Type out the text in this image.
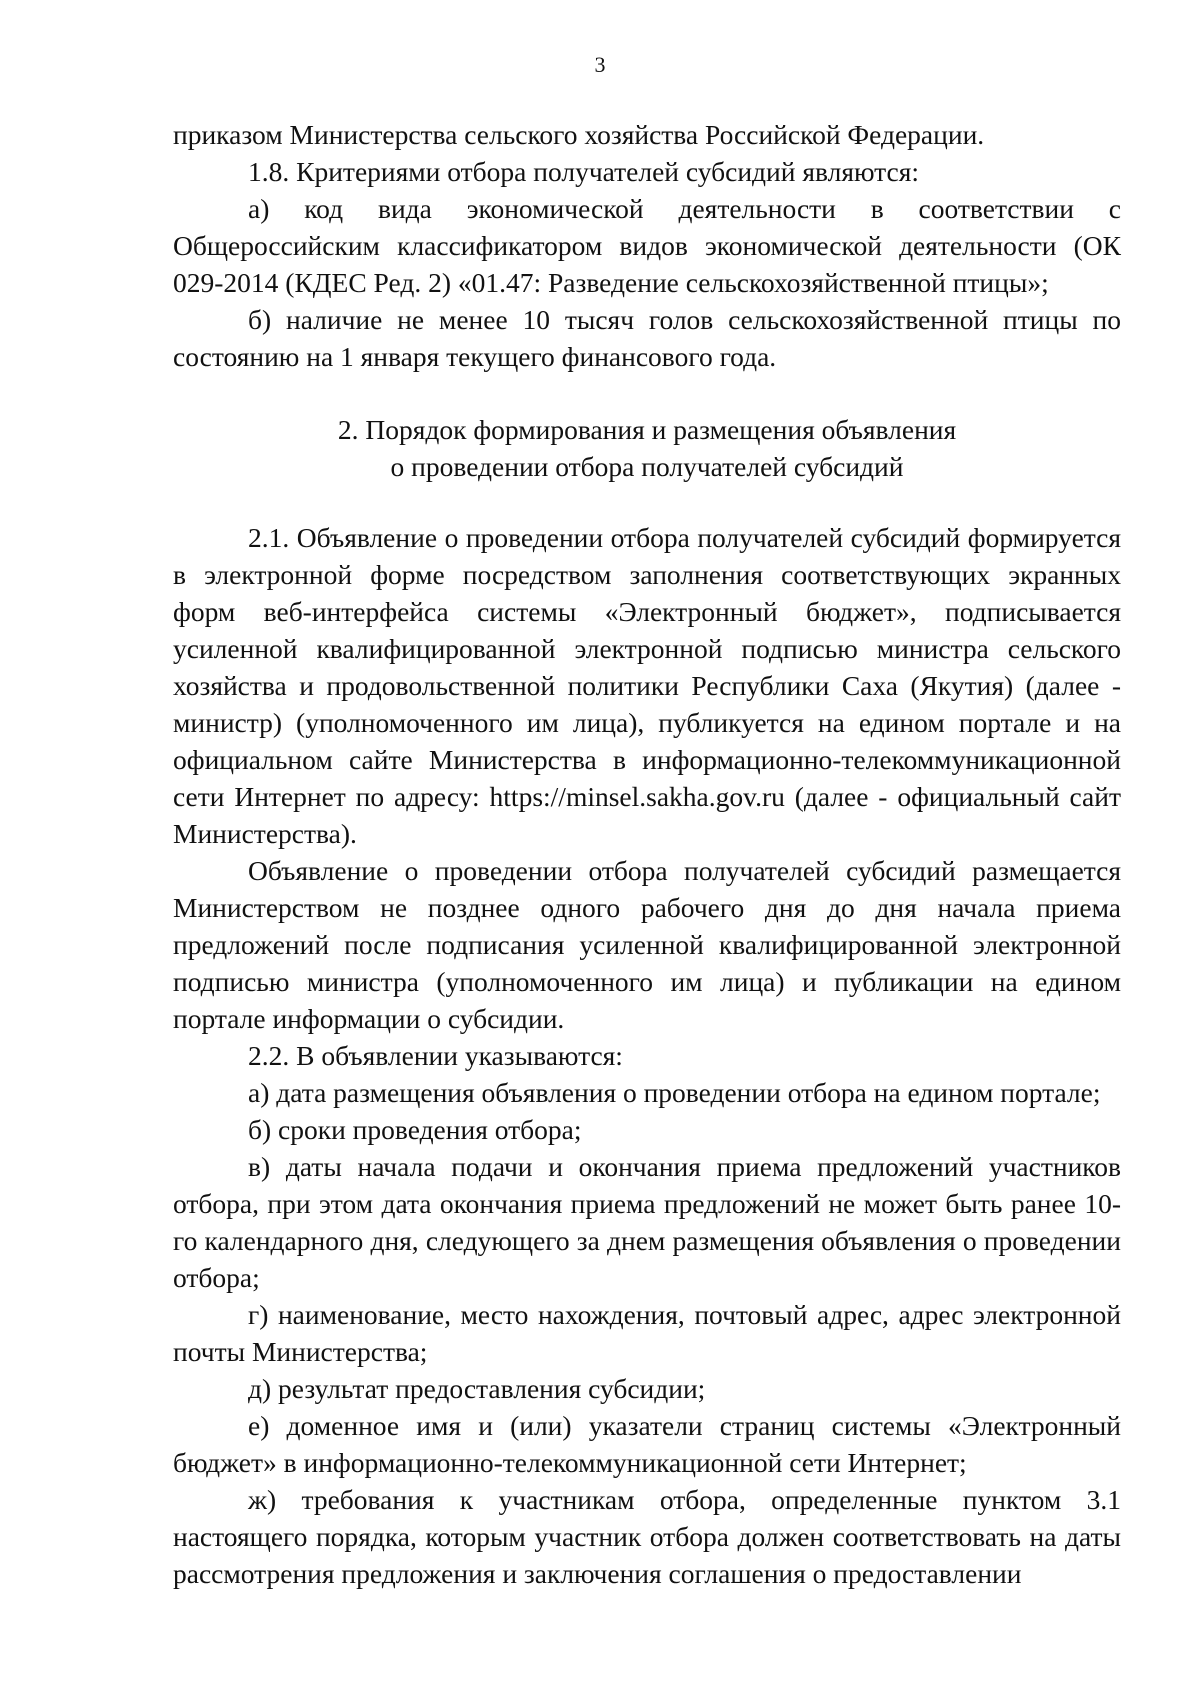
3

приказом Министерства сельского хозяйства Российской Федерации.

1.8. Критериями отбора получателей субсидий являются:

а) код вида экономической деятельности в соответствии с Общероссийским классификатором видов экономической деятельности (ОК 029-2014 (КДЕС Ред. 2) «01.47: Разведение сельскохозяйственной птицы»;

б) наличие не менее 10 тысяч голов сельскохозяйственной птицы по состоянию на 1 января текущего финансового года.

2. Порядок формирования и размещения объявления
о проведении отбора получателей субсидий

2.1. Объявление о проведении отбора получателей субсидий формируется в электронной форме посредством заполнения соответствующих экранных форм веб-интерфейса системы «Электронный бюджет», подписывается усиленной квалифицированной электронной подписью министра сельского хозяйства и продовольственной политики Республики Саха (Якутия) (далее - министр) (уполномоченного им лица), публикуется на едином портале и на официальном сайте Министерства в информационно-телекоммуникационной сети Интернет по адресу: https://minsel.sakha.gov.ru (далее - официальный сайт Министерства).

Объявление о проведении отбора получателей субсидий размещается Министерством не позднее одного рабочего дня до дня начала приема предложений после подписания усиленной квалифицированной электронной подписью министра (уполномоченного им лица) и публикации на едином портале информации о субсидии.

2.2. В объявлении указываются:

а) дата размещения объявления о проведении отбора на едином портале;

б) сроки проведения отбора;

в) даты начала подачи и окончания приема предложений участников отбора, при этом дата окончания приема предложений не может быть ранее 10-го календарного дня, следующего за днем размещения объявления о проведении отбора;

г) наименование, место нахождения, почтовый адрес, адрес электронной почты Министерства;

д) результат предоставления субсидии;

е) доменное имя и (или) указатели страниц системы «Электронный бюджет» в информационно-телекоммуникационной сети Интернет;

ж) требования к участникам отбора, определенные пунктом 3.1 настоящего порядка, которым участник отбора должен соответствовать на даты рассмотрения предложения и заключения соглашения о предоставлении
